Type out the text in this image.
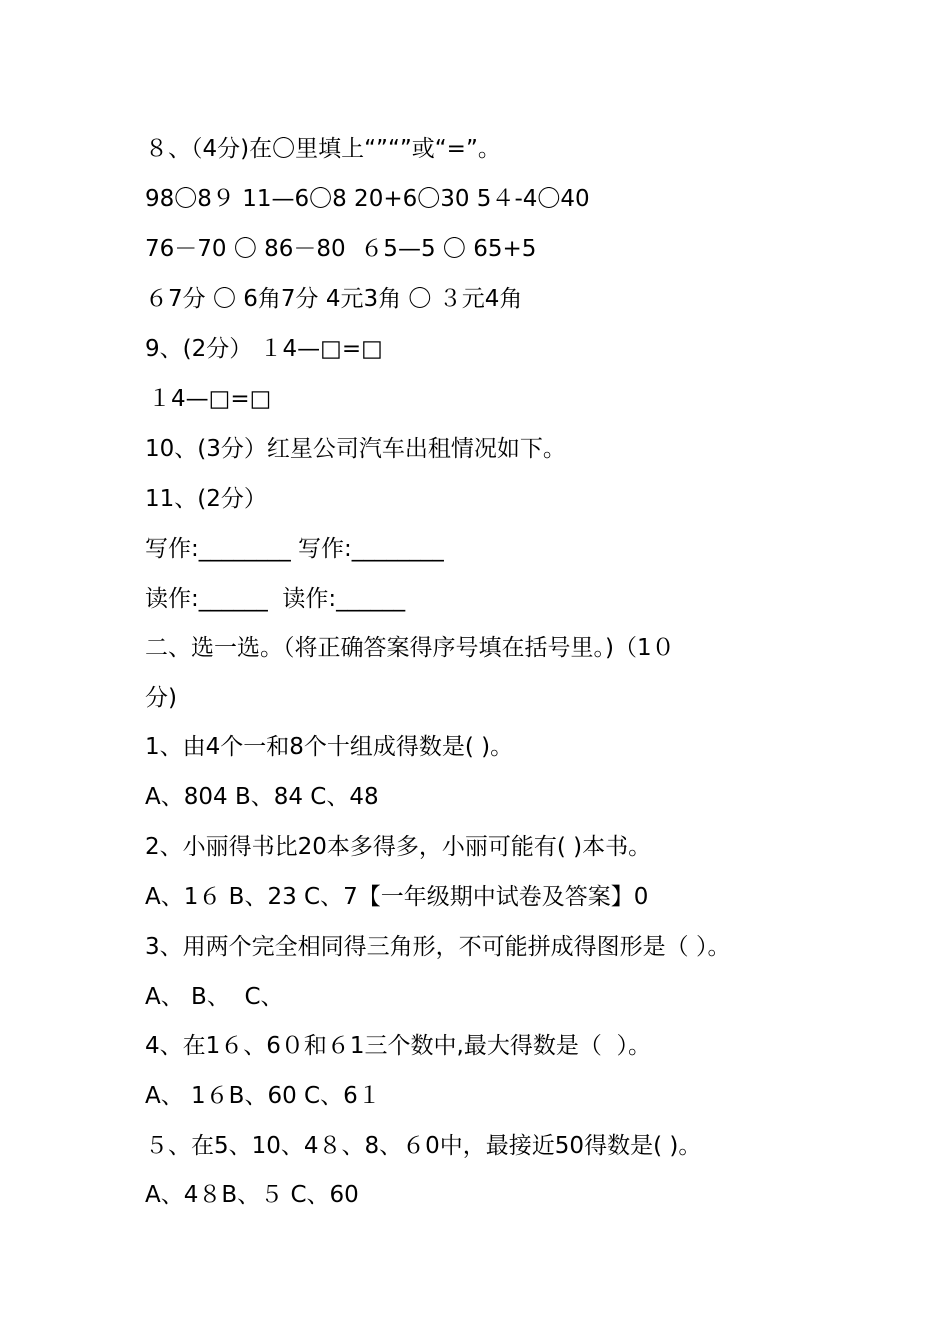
８、（4分)在〇里填上“”“”或“=”。

98〇8９ 11—6〇8 20+6〇30 5４-4〇40

76－70 〇 86－80  ６5—5 〇 65+5

６7分 〇 6角7分 4元3角 〇 ３元4角

9、(2分） １4—□=□

１4—□=□

10、(3分）红星公司汽车出租情况如下。

11、(2分）

写作:________ 写作:________

读作:______  读作:______

二、选一选。（将正确答案得序号填在括号里。)（1０

分)

1、由4个一和8个十组成得数是( )。

A、804 B、84 C、48

2、小丽得书比20本多得多，小丽可能有( )本书。

A、1６ B、23 C、7【一年级期中试卷及答案】0

3、用两个完全相同得三角形，不可能拼成得图形是（ ）。

A、 B、  C、

4、在1６、6０和６1三个数中,最大得数是（  ）。

A、 1６B、60 C、6１

５、在5、10、4８、8、６0中，最接近50得数是( )。

A、4８B、５ C、60
